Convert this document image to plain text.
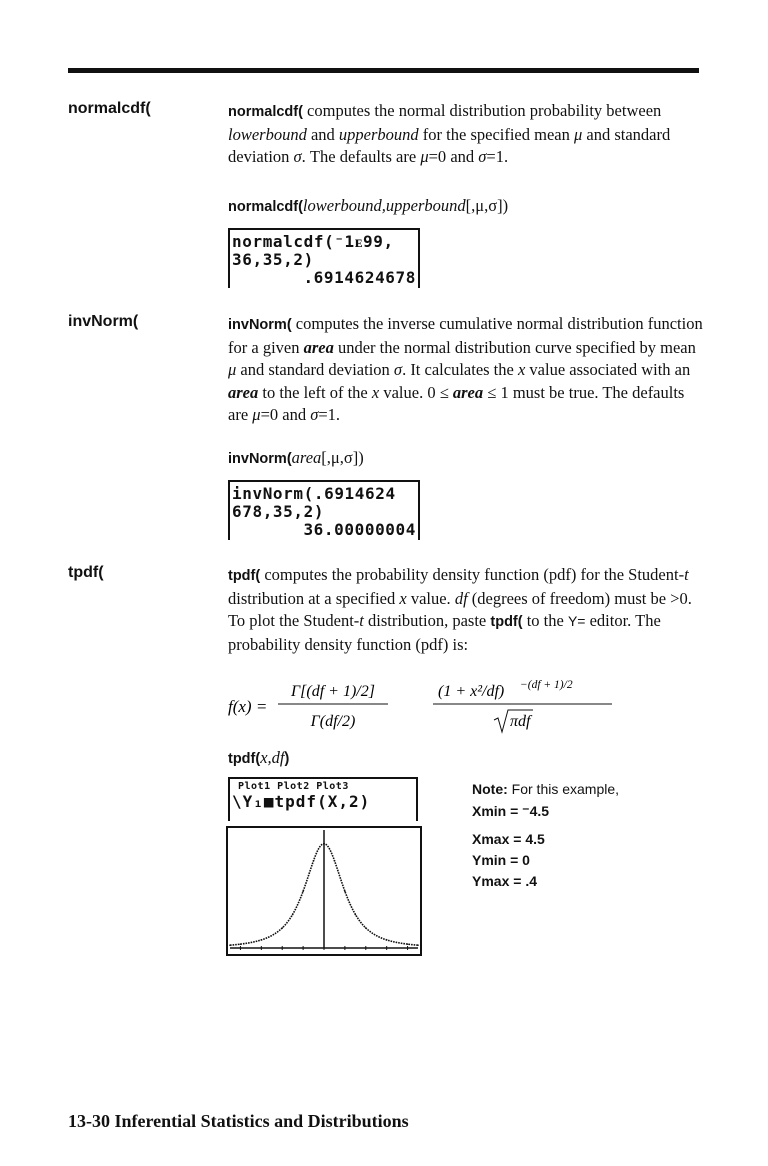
normalcdf(	normalcdf( computes the normal distribution probability between lowerbound and upperbound for the specified mean μ and standard deviation σ. The defaults are μ=0 and σ=1.

normalcdf(lowerbound,upperbound[,μ,σ])
normalcdf(⁻1ᴇ99,
36,35,2)
.6914624678
invNorm(	invNorm( computes the inverse cumulative normal distribution function for a given area under the normal distribution curve specified by mean μ and standard deviation σ. It calculates the x value associated with an area to the left of the x value. 0 ≤ area ≤ 1 must be true. The defaults are μ=0 and σ=1.

invNorm(area[,μ,σ])
invNorm(.6914624
678,35,2)
36.00000004
tpdf(	tpdf( computes the probability density function (pdf) for the Student-t distribution at a specified x value. df (degrees of freedom) must be >0. To plot the Student-t distribution, paste tpdf( to the Y= editor. The probability density function (pdf) is:

f(x) =
Γ[(df + 1)/2]
Γ(df/2)
(1 + x²/df) −(df + 1)/2
πdf
tpdf(x,df)
Plot1 Plot2 Plot3
\Y₁■tpdf(X,2)
Note: For this example,
Xmin = ⁻4.5
Xmax = 4.5
Ymin = 0
Ymax = .4
13-30 Inferential Statistics and Distributions
